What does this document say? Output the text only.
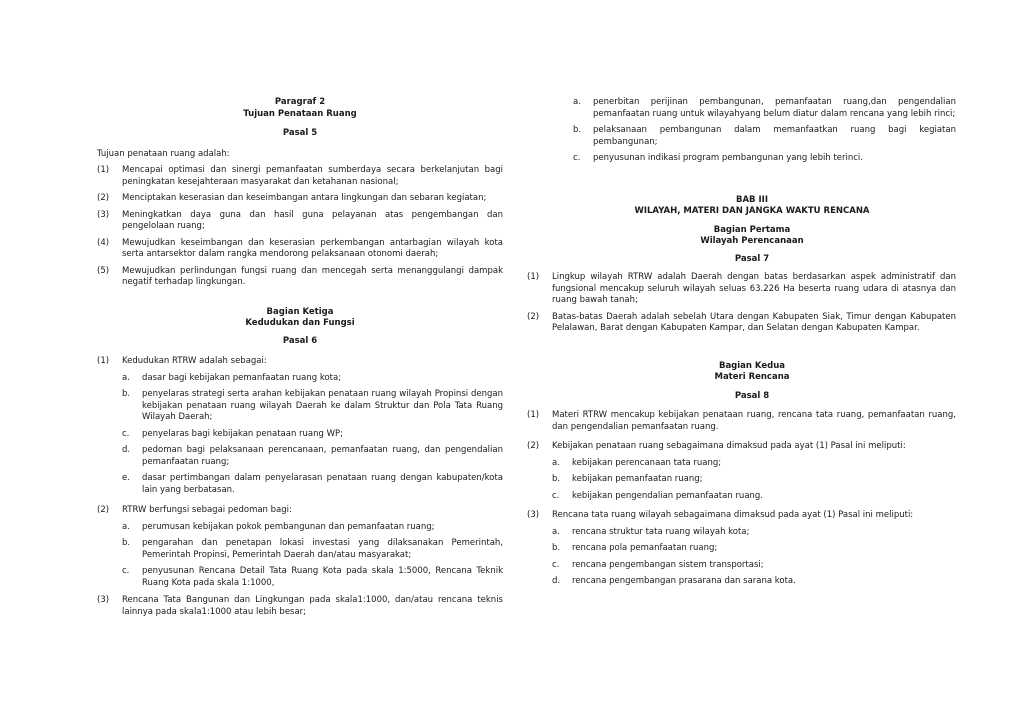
Paragraf 2
Tujuan Penataan Ruang
Pasal 5
Tujuan penataan ruang adalah:
(1)	Mencapai optimasi dan sinergi pemanfaatan sumberdaya secara berkelanjutan bagi peningkatan kesejahteraan masyarakat dan ketahanan nasional;
(2)	Menciptakan keserasian dan keseimbangan antara lingkungan dan sebaran kegiatan;
(3)	Meningkatkan daya guna dan hasil guna pelayanan atas pengembangan dan pengelolaan ruang;
(4)	Mewujudkan keseimbangan dan keserasian perkembangan antarbagian wilayah kota serta antarsektor dalam rangka mendorong pelaksanaan otonomi daerah;
(5)	Mewujudkan perlindungan fungsi ruang dan mencegah serta menanggulangi dampak negatif terhadap lingkungan.
Bagian Ketiga
Kedudukan dan Fungsi
Pasal 6
(1)	Kedudukan RTRW adalah sebagai:
a.	dasar bagi kebijakan pemanfaatan ruang kota;
b.	penyelaras strategi serta arahan kebijakan penataan ruang wilayah Propinsi dengan kebijakan penataan ruang wilayah Daerah ke dalam Struktur dan Pola Tata Ruang Wilayah Daerah;
c.	penyelaras bagi kebijakan penataan ruang WP;
d.	pedoman bagi pelaksanaan perencanaan, pemanfaatan ruang, dan pengendalian pemanfaatan ruang;
e.	dasar pertimbangan dalam penyelarasan penataan ruang dengan kabupaten/kota lain yang berbatasan.
(2)	RTRW berfungsi sebagai pedoman bagi:
a.	perumusan kebijakan pokok pembangunan dan pemanfaatan ruang;
b.	pengarahan dan penetapan lokasi investasi yang dilaksanakan Pemerintah, Pemerintah Propinsi, Pemerintah Daerah dan/atau masyarakat;
c.	penyusunan Rencana Detail Tata Ruang Kota pada skala 1:5000, Rencana Teknik Ruang Kota pada skala 1:1000,
(3)	Rencana Tata Bangunan dan Lingkungan pada skala1:1000, dan/atau rencana teknis lainnya pada skala1:1000 atau lebih besar;
a.	penerbitan perijinan pembangunan, pemanfaatan ruang,dan pengendalian pemanfaatan ruang untuk wilayahyang belum diatur dalam rencana yang lebih rinci;
b.	pelaksanaan pembangunan dalam memanfaatkan ruang bagi kegiatan pembangunan;
c.	penyusunan indikasi program pembangunan yang lebih terinci.
BAB III
WILAYAH, MATERI DAN JANGKA WAKTU RENCANA
Bagian Pertama
Wilayah Perencanaan
Pasal 7
(1)	Lingkup wilayah RTRW adalah Daerah dengan batas berdasarkan aspek administratif dan fungsional mencakup seluruh wilayah seluas 63.226 Ha beserta ruang udara di atasnya dan ruang bawah tanah;
(2)	Batas-batas Daerah adalah sebelah Utara dengan Kabupaten Siak, Timur dengan Kabupaten Pelalawan, Barat dengan Kabupaten Kampar, dan Selatan dengan Kabupaten Kampar.
Bagian Kedua
Materi Rencana
Pasal 8
(1)	Materi RTRW mencakup kebijakan penataan ruang, rencana tata ruang, pemanfaatan ruang, dan pengendalian pemanfaatan ruang.
(2)	Kebijakan penataan ruang sebagaimana dimaksud pada ayat (1) Pasal ini meliputi:
a.	kebijakan perencanaan tata ruang;
b.	kebijakan pemanfaatan ruang;
c.	kebijakan pengendalian pemanfaatan ruang.
(3)	Rencana tata ruang wilayah sebagaimana dimaksud pada ayat (1) Pasal ini meliputi:
a.	rencana struktur tata ruang wilayah kota;
b.	rencana pola pemanfaatan ruang;
c.	rencana pengembangan sistem transportasi;
d.	rencana pengembangan prasarana dan sarana kota.
